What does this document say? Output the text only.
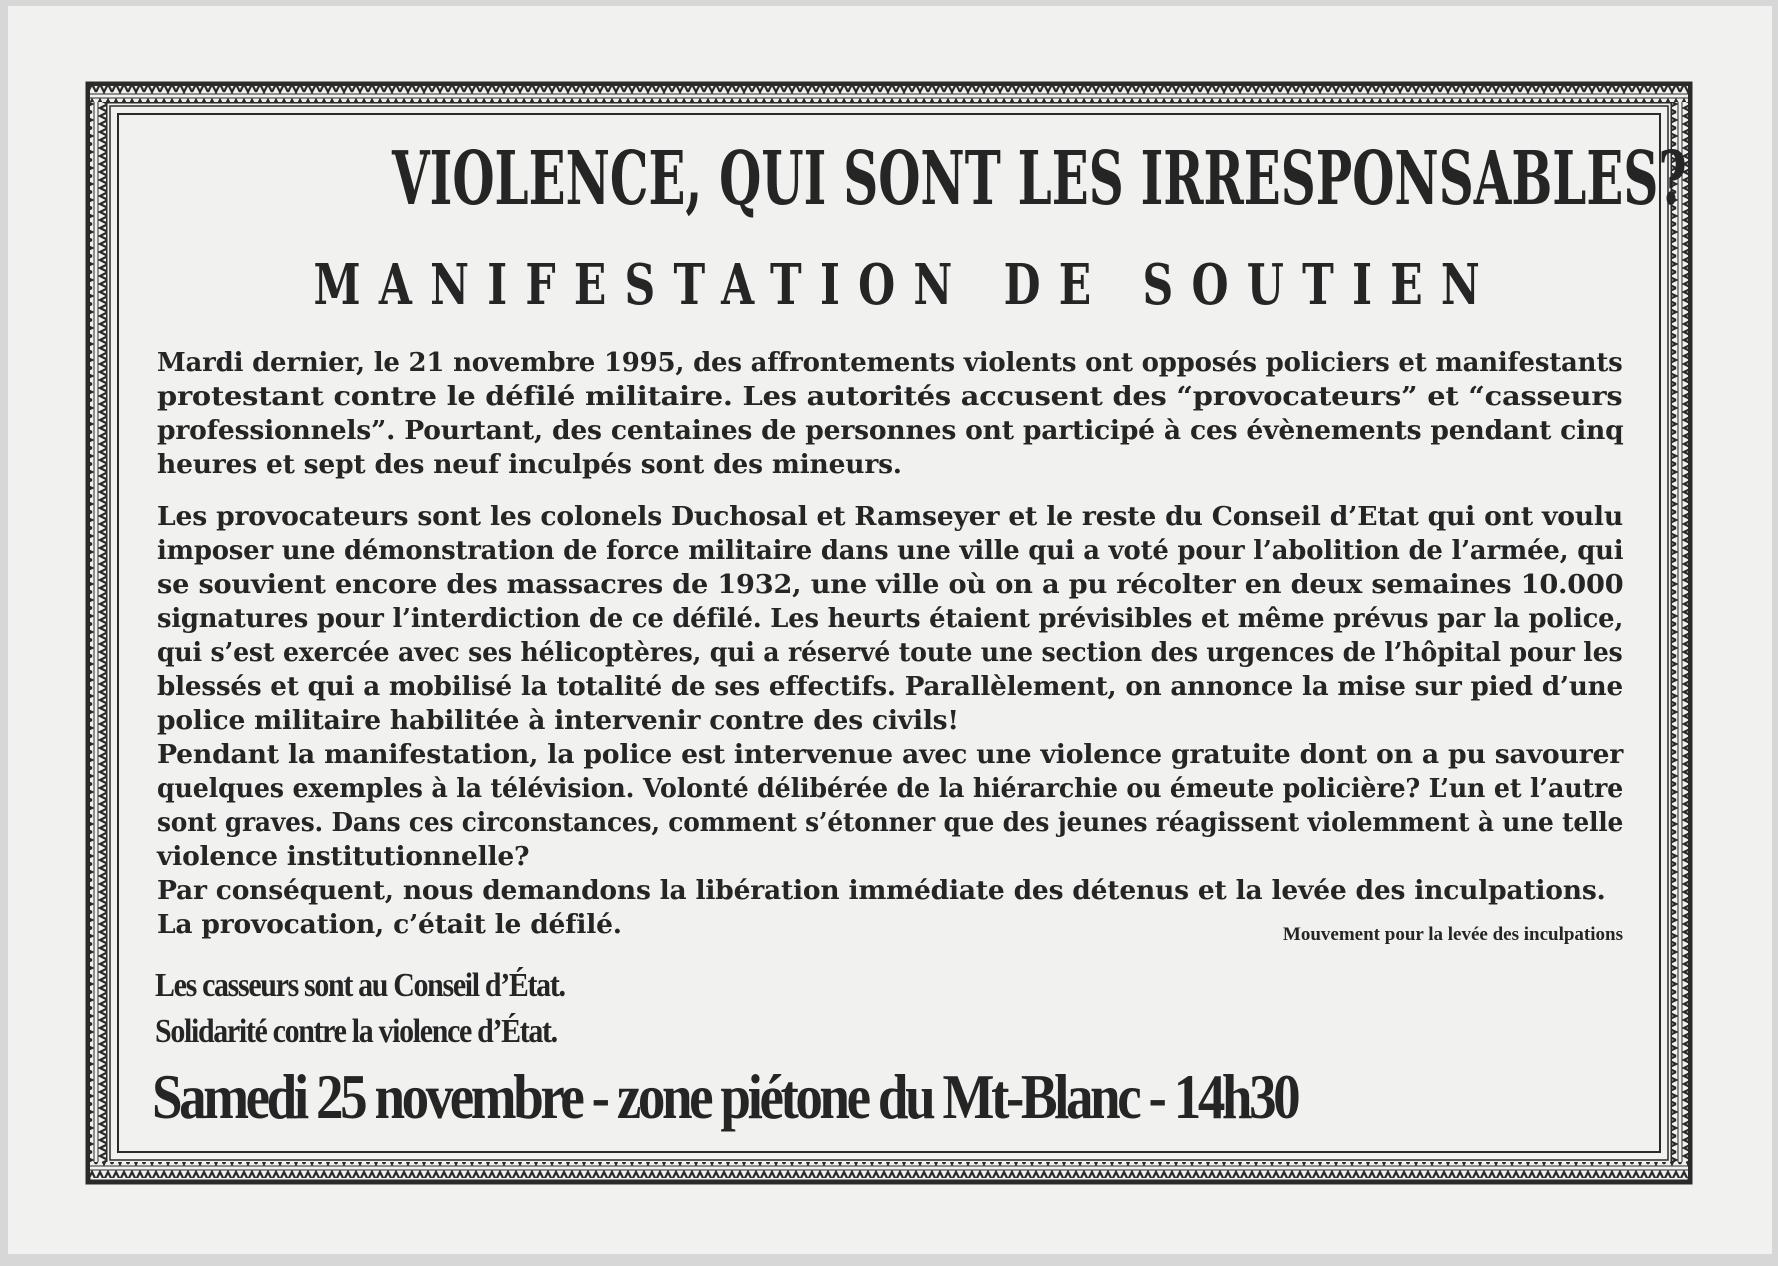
VIOLENCE, QUI SONT LES IRRESPONSABLES?
MANIFESTATION DE SOUTIEN
Mardi dernier, le 21 novembre 1995, des affrontements violents ont opposés policiers et manifestants
protestant contre le défilé militaire. Les autorités accusent des “provocateurs” et “casseurs
professionnels”. Pourtant, des centaines de personnes ont participé à ces évènements pendant cinq
heures et sept des neuf inculpés sont des mineurs.
Les provocateurs sont les colonels Duchosal et Ramseyer et le reste du Conseil d’Etat qui ont voulu
imposer une démonstration de force militaire dans une ville qui a voté pour l’abolition de l’armée, qui
se souvient encore des massacres de 1932, une ville où on a pu récolter en deux semaines 10.000
signatures pour l’interdiction de ce défilé. Les heurts étaient prévisibles et même prévus par la police,
qui s’est exercée avec ses hélicoptères, qui a réservé toute une section des urgences de l’hôpital pour les
blessés et qui a mobilisé la totalité de ses effectifs. Parallèlement, on annonce la mise sur pied d’une
police militaire habilitée à intervenir contre des civils!
Pendant la manifestation, la police est intervenue avec une violence gratuite dont on a pu savourer
quelques exemples à la télévision. Volonté délibérée de la hiérarchie ou émeute policière? L’un et l’autre
sont graves. Dans ces circonstances, comment s’étonner que des jeunes réagissent violemment à une telle
violence institutionnelle?
Par conséquent, nous demandons la libération immédiate des détenus et la levée des inculpations.
La provocation, c’était le défilé.	Mouvement pour la levée des inculpations
Les casseurs sont au Conseil d’État.
Solidarité contre la violence d’État.
Samedi 25 novembre - zone piétone du Mt-Blanc - 14h30
